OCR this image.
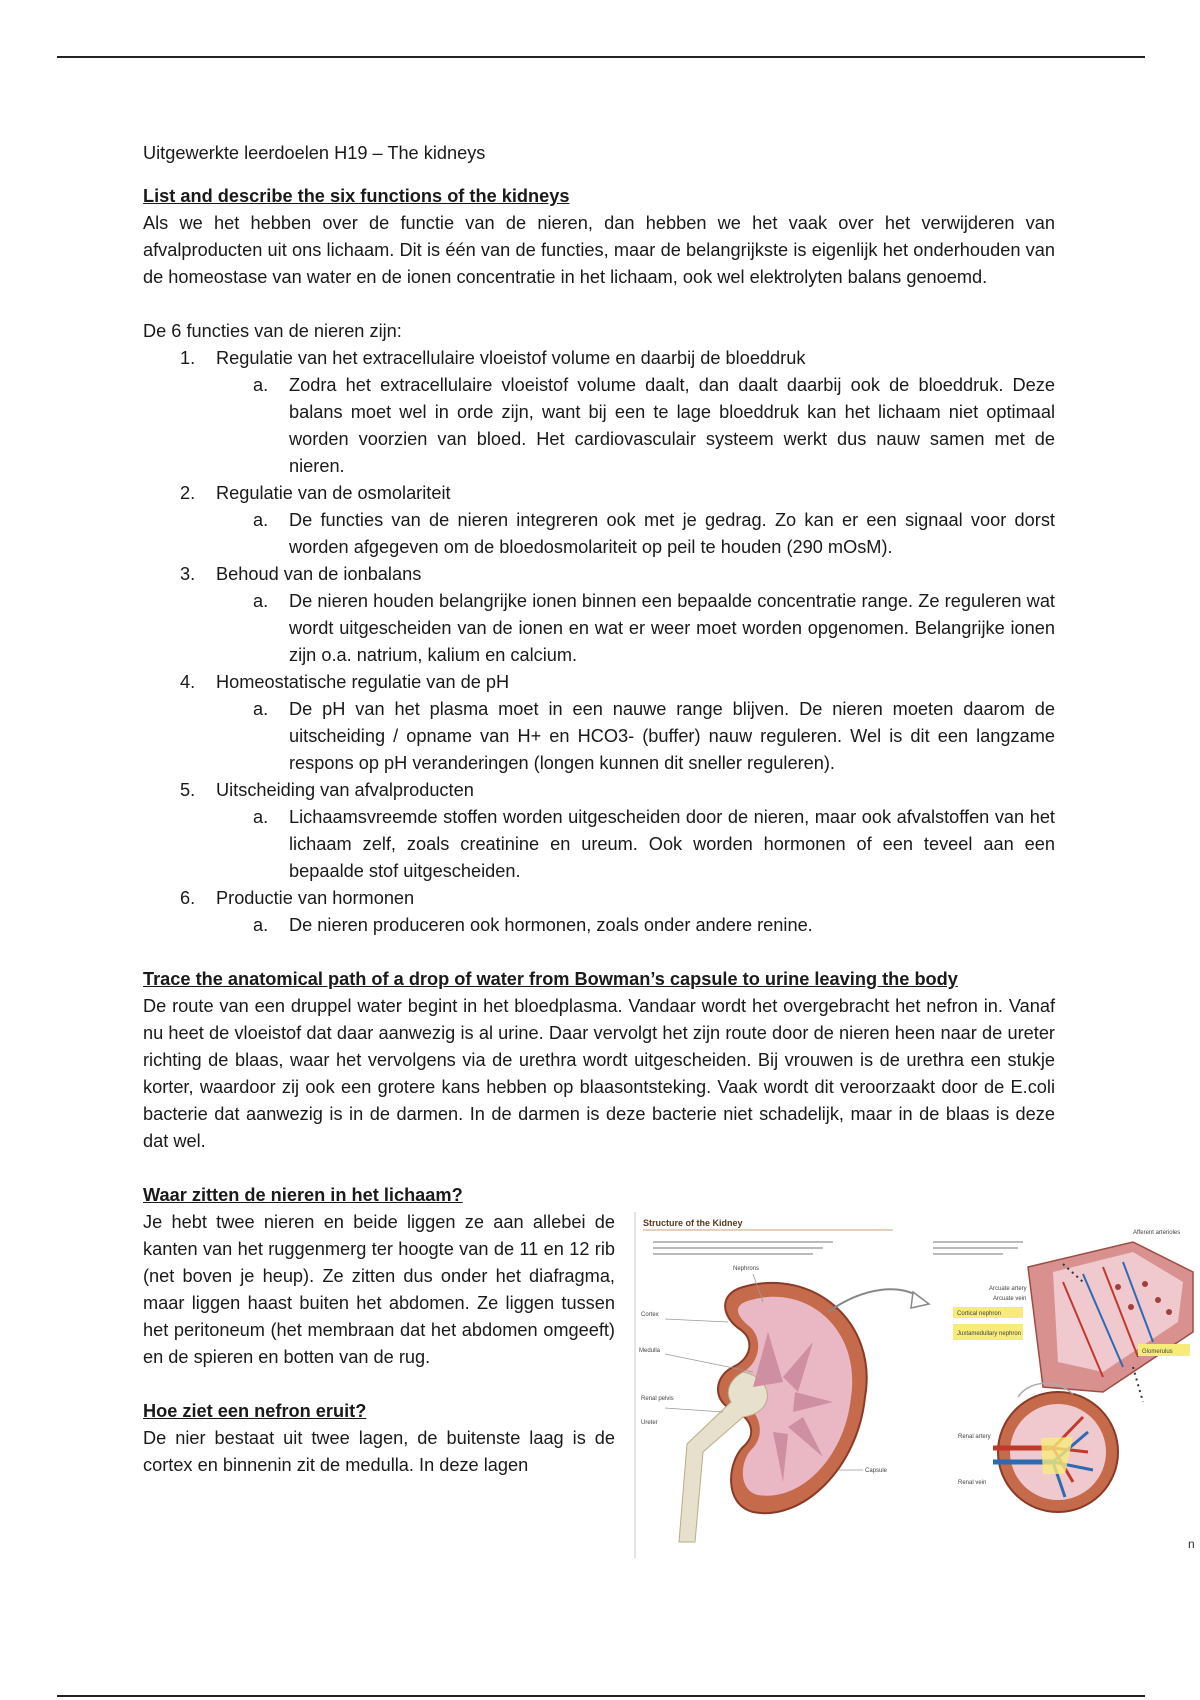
Uitgewerkte leerdoelen H19 – The kidneys

List and describe the six functions of the kidneys

Als we het hebben over de functie van de nieren, dan hebben we het vaak over het verwijderen van afvalproducten uit ons lichaam. Dit is één van de functies, maar de belangrijkste is eigenlijk het onderhouden van de homeostase van water en de ionen concentratie in het lichaam, ook wel elektrolyten balans genoemd.

De 6 functies van de nieren zijn:

1. Regulatie van het extracellulaire vloeistof volume en daarbij de bloeddruk
a. Zodra het extracellulaire vloeistof volume daalt, dan daalt daarbij ook de bloeddruk. Deze balans moet wel in orde zijn, want bij een te lage bloeddruk kan het lichaam niet optimaal worden voorzien van bloed. Het cardiovasculair systeem werkt dus nauw samen met de nieren.
2. Regulatie van de osmolariteit
a. De functies van de nieren integreren ook met je gedrag. Zo kan er een signaal voor dorst worden afgegeven om de bloedosmolariteit op peil te houden (290 mOsM).
3. Behoud van de ionbalans
a. De nieren houden belangrijke ionen binnen een bepaalde concentratie range. Ze reguleren wat wordt uitgescheiden van de ionen en wat er weer moet worden opgenomen. Belangrijke ionen zijn o.a. natrium, kalium en calcium.
4. Homeostatische regulatie van de pH
a. De pH van het plasma moet in een nauwe range blijven. De nieren moeten daarom de uitscheiding / opname van H+ en HCO3- (buffer) nauw reguleren. Wel is dit een langzame respons op pH veranderingen (longen kunnen dit sneller reguleren).
5. Uitscheiding van afvalproducten
a. Lichaamsvreemde stoffen worden uitgescheiden door de nieren, maar ook afvalstoffen van het lichaam zelf, zoals creatinine en ureum. Ook worden hormonen of een teveel aan een bepaalde stof uitgescheiden.
6. Productie van hormonen
a. De nieren produceren ook hormonen, zoals onder andere renine.

Trace the anatomical path of a drop of water from Bowman’s capsule to urine leaving the body

De route van een druppel water begint in het bloedplasma. Vandaar wordt het overgebracht het nefron in. Vanaf nu heet de vloeistof dat daar aanwezig is al urine. Daar vervolgt het zijn route door de nieren heen naar de ureter richting de blaas, waar het vervolgens via de urethra wordt uitgescheiden. Bij vrouwen is de urethra een stukje korter, waardoor zij ook een grotere kans hebben op blaasontsteking. Vaak wordt dit veroorzaakt door de E.coli bacterie dat aanwezig is in de darmen. In de darmen is deze bacterie niet schadelijk, maar in de blaas is deze dat wel.

Waar zitten de nieren in het lichaam?

Je hebt twee nieren en beide liggen ze aan allebei de kanten van het ruggenmerg ter hoogte van de 11 en 12 rib (net boven je heup). Ze zitten dus onder het diafragma, maar liggen haast buiten het abdomen. Ze liggen tussen het peritoneum (het membraan dat het abdomen omgeeft) en de spieren en botten van de rug.

Hoe ziet een nefron eruit?

De nier bestaat uit twee lagen, de buitenste laag is de cortex en binnenin zit de medulla. In deze lagen

Structure of the Kidney
Cortex
Medulla
Renal pelvis
Ureter
Nephrons
Capsule
Afferent arterioles
Arcuate artery
Arcuate vein
Cortical nephron
Juxtamedullary nephron
Glomerulus
Renal artery
Renal vein
n
